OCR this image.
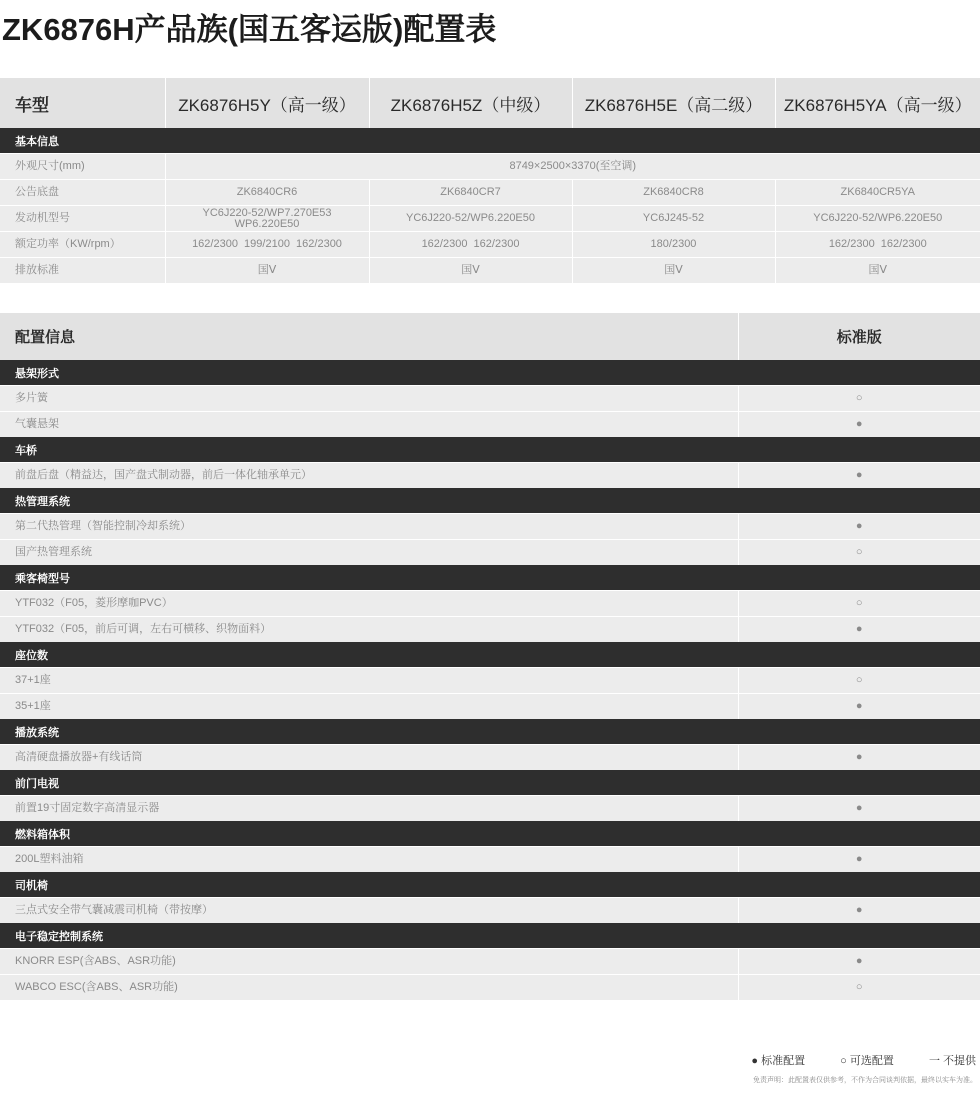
ZK6876H产品族(国五客运版)配置表
车型	ZK6876H5Y（高一级）	ZK6876H5Z（中级）	ZK6876H5E（高二级）	ZK6876H5YA（高一级）
基本信息				
外观尺寸(mm)	8749×2500×3370(至空调)			
公告底盘	ZK6840CR6	ZK6840CR7	ZK6840CR8	ZK6840CR5YA
发动机型号	YC6J220-52/WP7.270E53 WP6.220E50	YC6J220-52/WP6.220E50	YC6J245-52	YC6J220-52/WP6.220E50
额定功率（KW/rpm）	162/2300  199/2100  162/2300	162/2300  162/2300	180/2300	162/2300  162/2300
排放标准	国Ⅴ	国Ⅴ	国Ⅴ	国Ⅴ
配置信息	标准版
悬架形式	
多片簧	○
气囊悬架	●
车桥	
前盘后盘（精益达，国产盘式制动器，前后一体化轴承单元）	●
热管理系统	
第二代热管理（智能控制冷却系统）	●
国产热管理系统	○
乘客椅型号	
YTF032（F05，菱形摩咖PVC）	○
YTF032（F05，前后可调，左右可横移、织物面料）	●
座位数	
37+1座	○
35+1座	●
播放系统	
高清硬盘播放器+有线话筒	●
前门电视	
前置19寸固定数字高清显示器	●
燃料箱体积	
200L塑料油箱	●
司机椅	
三点式安全带气囊减震司机椅（带按摩）	●
电子稳定控制系统	
KNORR ESP(含ABS、ASR功能)	●
WABCO ESC(含ABS、ASR功能)	○
● 标准配置	○ 可选配置	一 不提供
免责声明：此配置表仅供参考，不作为合同谈判依据，最终以实车为准。
